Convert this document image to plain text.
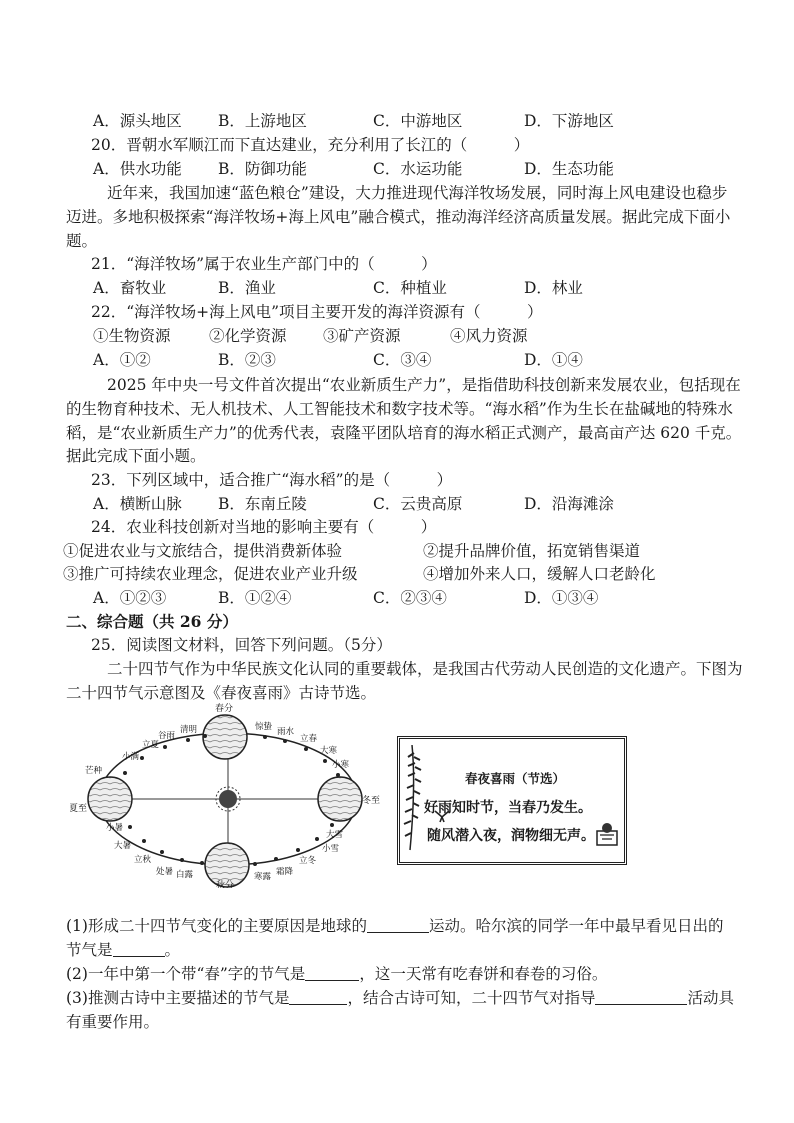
A．源头地区 B．上游地区	C．中游地区	D．下游地区
20．晋朝水军顺江而下直达建业，充分利用了长江的（　　　）
A．供水功能 B．防御功能	C．水运功能	D．生态功能
近年来，我国加速“蓝色粮仓”建设，大力推进现代海洋牧场发展，同时海上风电建设也稳步
迈进。多地积极探索“海洋牧场+海上风电”融合模式，推动海洋经济高质量发展。据此完成下面小
题。
21．“海洋牧场”属于农业生产部门中的（　　　）
A．畜牧业	B．渔业	C．种植业	D．林业
22．“海洋牧场+海上风电”项目主要开发的海洋资源有（　　　）
①生物资源 ②化学资源 ③矿产资源	④风力资源
A．①②	B．②③	C．③④	D．①④
2025 年中央一号文件首次提出“农业新质生产力”，是指借助科技创新来发展农业，包括现在
的生物育种技术、无人机技术、人工智能技术和数字技术等。“海水稻”作为生长在盐碱地的特殊水
稻，是“农业新质生产力”的优秀代表，袁隆平团队培育的海水稻正式测产，最高亩产达 620 千克。
据此完成下面小题。
23．下列区域中，适合推广“海水稻”的是（　　　）
A．横断山脉 B．东南丘陵	C．云贵高原	D．沿海滩涂
24．农业科技创新对当地的影响主要有（　　　）
①促进农业与文旅结合，提供消费新体验	②提升品牌价值，拓宽销售渠道
③推广可持续农业理念，促进农业产业升级	④增加外来人口，缓解人口老龄化
A．①②③	B．①②④	C．②③④	D．①③④
二、综合题（共 26 分）
25．阅读图文材料，回答下列问题。（5分）
二十四节气作为中华民族文化认同的重要载体，是我国古代劳动人民创造的文化遗产。下图为
二十四节气示意图及《春夜喜雨》古诗节选。
春分
秋分
夏至
冬至
清明
谷雨
立夏
小满
芒种
惊蛰 雨水
立春
大寒
小寒
小暑
大暑
立秋
处暑 白露	寒露 霜降
立冬
小雪
大雪
春夜喜雨（节选）
好雨知时节，当春乃发生。
随风潜入夜，润物细无声。
(1)形成二十四节气变化的主要原因是地球的	运动。哈尔滨的同学一年中最早看见日出的
节气是	。
(2)一年中第一个带“春”字的节气是	，这一天常有吃春饼和春卷的习俗。
(3)推测古诗中主要描述的节气是	，结合古诗可知，二十四节气对指导	活动具
有重要作用。
